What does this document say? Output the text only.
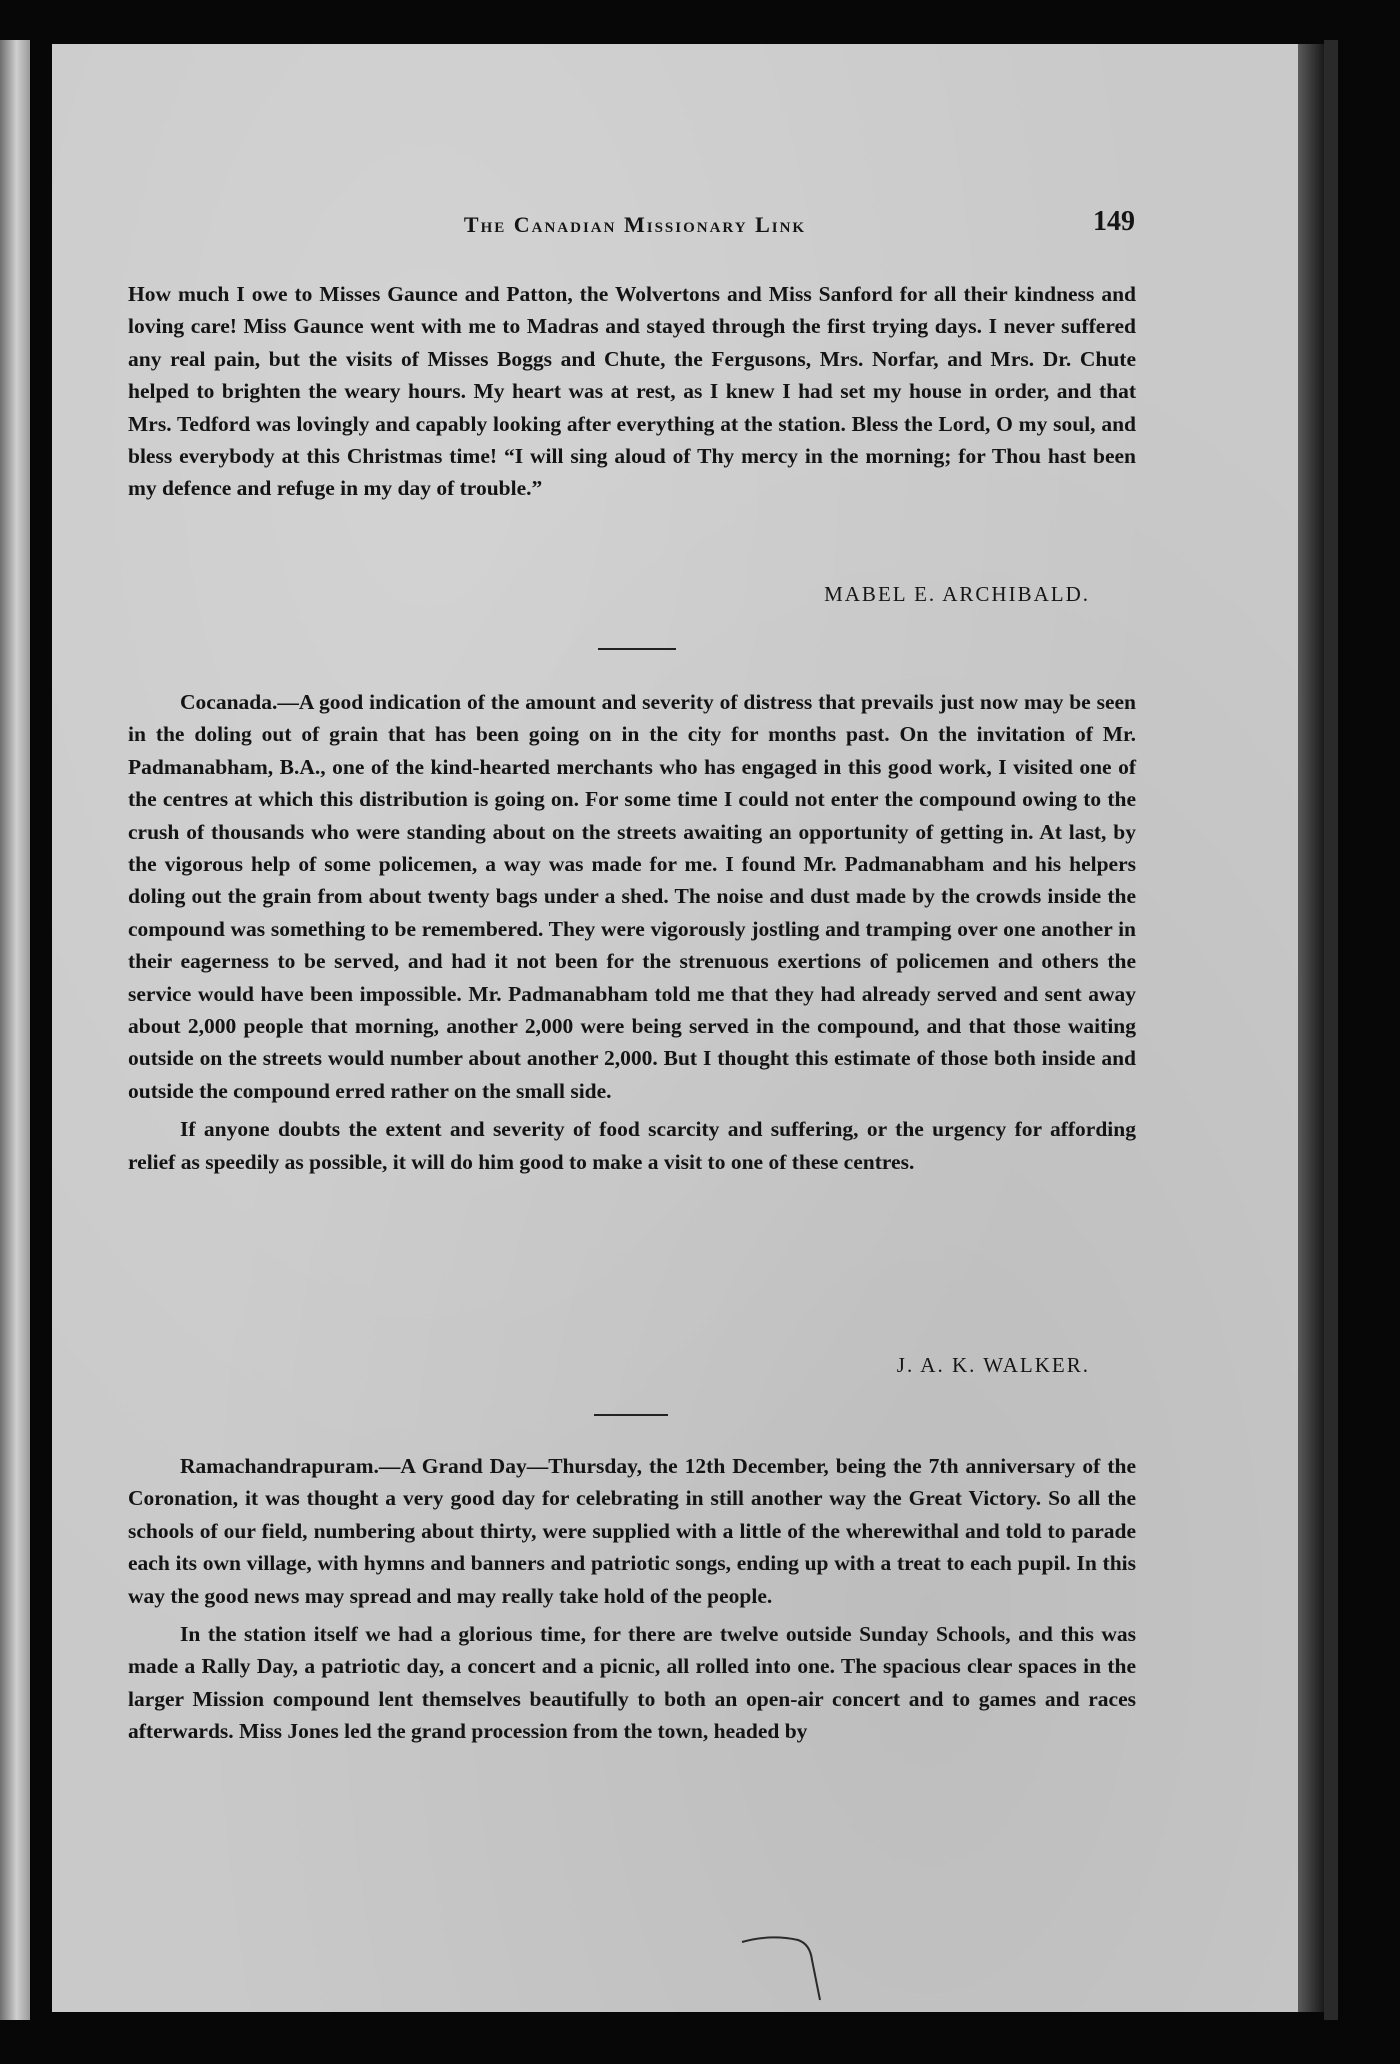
The Canadian Missionary Link	149

How much I owe to Misses Gaunce and Patton, the Wolvertons and Miss Sanford for all their kindness and loving care! Miss Gaunce went with me to Madras and stayed through the first trying days. I never suffered any real pain, but the visits of Misses Boggs and Chute, the Fergusons, Mrs. Norfar, and Mrs. Dr. Chute helped to brighten the weary hours. My heart was at rest, as I knew I had set my house in order, and that Mrs. Tedford was lovingly and capably looking after everything at the station. Bless the Lord, O my soul, and bless everybody at this Christmas time! “I will sing aloud of Thy mercy in the morning; for Thou hast been my defence and refuge in my day of trouble.”

MABEL E. ARCHIBALD.

Cocanada.—A good indication of the amount and severity of distress that prevails just now may be seen in the doling out of grain that has been going on in the city for months past. On the invitation of Mr. Padmanabham, B.A., one of the kind-hearted merchants who has engaged in this good work, I visited one of the centres at which this distribution is going on. For some time I could not enter the compound owing to the crush of thousands who were standing about on the streets awaiting an opportunity of getting in. At last, by the vigorous help of some policemen, a way was made for me. I found Mr. Padmanabham and his helpers doling out the grain from about twenty bags under a shed. The noise and dust made by the crowds inside the compound was something to be remembered. They were vigorously jostling and tramping over one another in their eagerness to be served, and had it not been for the strenuous exertions of policemen and others the service would have been impossible. Mr. Padmanabham told me that they had already served and sent away about 2,000 people that morning, another 2,000 were being served in the compound, and that those waiting outside on the streets would number about another 2,000. But I thought this estimate of those both inside and outside the compound erred rather on the small side.

If anyone doubts the extent and severity of food scarcity and suffering, or the urgency for affording relief as speedily as possible, it will do him good to make a visit to one of these centres.

J. A. K. WALKER.

Ramachandrapuram.—A Grand Day—Thursday, the 12th December, being the 7th anniversary of the Coronation, it was thought a very good day for celebrating in still another way the Great Victory. So all the schools of our field, numbering about thirty, were supplied with a little of the wherewithal and told to parade each its own village, with hymns and banners and patriotic songs, ending up with a treat to each pupil. In this way the good news may spread and may really take hold of the people.

In the station itself we had a glorious time, for there are twelve outside Sunday Schools, and this was made a Rally Day, a patriotic day, a concert and a picnic, all rolled into one. The spacious clear spaces in the larger Mission compound lent themselves beautifully to both an open-air concert and to games and races afterwards. Miss Jones led the grand procession from the town, headed by
